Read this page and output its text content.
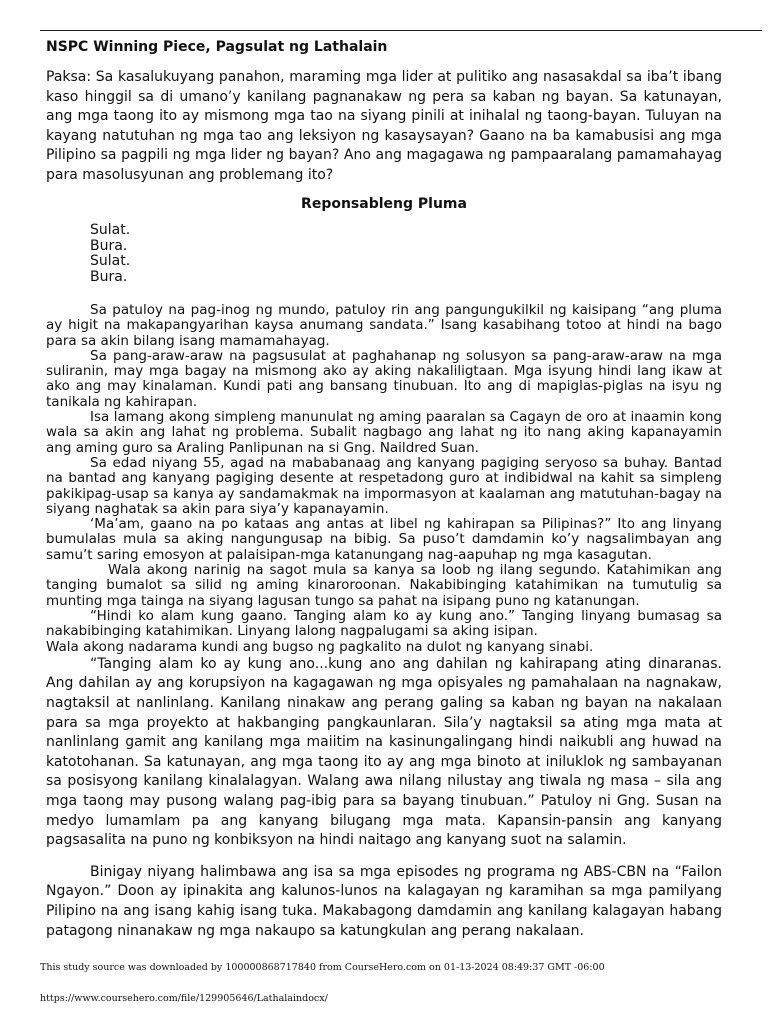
NSPC Winning Piece, Pagsulat ng Lathalain

Paksa: Sa kasalukuyang panahon, maraming mga lider at pulitiko ang nasasakdal sa iba’t ibang kaso hinggil sa di umano’y kanilang pagnanakaw ng pera sa kaban ng bayan. Sa katunayan, ang mga taong ito ay mismong mga tao na siyang pinili at inihalal ng taong-bayan. Tuluyan na kayang natutuhan ng mga tao ang leksiyon ng kasaysayan? Gaano na ba kamabusisi ang mga Pilipino sa pagpili ng mga lider ng bayan? Ano ang magagawa ng pampaaralang pamamahayag para masolusyunan ang problemang ito?

Reponsableng Pluma
Sulat.
Bura.
Sulat.
Bura.

Sa patuloy na pag-inog ng mundo, patuloy rin ang pangungukilkil ng kaisipang “ang pluma ay higit na makapangyarihan kaysa anumang sandata.” Isang kasabihang totoo at hindi na bago para sa akin bilang isang mamamahayag.

Sa pang-araw-araw na pagsusulat at paghahanap ng solusyon sa pang-araw-araw na mga suliranin, may mga bagay na mismong ako ay aking nakaliligtaan. Mga isyung hindi lang ikaw at ako ang may kinalaman. Kundi pati ang bansang tinubuan. Ito ang di mapiglas-piglas na isyu ng tanikala ng kahirapan.

Isa lamang akong simpleng manunulat ng aming paaralan sa Cagayn de oro at inaamin kong wala sa akin ang lahat ng problema. Subalit nagbago ang lahat ng ito nang aking kapanayamin ang aming guro sa Araling Panlipunan na si Gng. Naildred Suan.

Sa edad niyang 55, agad na mababanaag ang kanyang pagiging seryoso sa buhay. Bantad na bantad ang kanyang pagiging desente at respetadong guro at indibidwal na kahit sa simpleng pakikipag-usap sa kanya ay sandamakmak na impormasyon at kaalaman ang matutuhan-bagay na siyang naghatak sa akin para siya’y kapanayamin.

‘Ma’am, gaano na po kataas ang antas at libel ng kahirapan sa Pilipinas?” Ito ang linyang bumulalas mula sa aking nangungusap na bibig. Sa puso’t damdamin ko’y nagsalimbayan ang samu’t saring emosyon at palaisipan-mga katanungang nag-aapuhap ng mga kasagutan.

Wala akong narinig na sagot mula sa kanya sa loob ng ilang segundo. Katahimikan ang tanging bumalot sa silid ng aming kinaroroonan. Nakabibinging katahimikan na tumutulig sa munting mga tainga na siyang lagusan tungo sa pahat na isipang puno ng katanungan.

“Hindi ko alam kung gaano. Tanging alam ko ay kung ano.” Tanging linyang bumasag sa nakabibinging katahimikan. Linyang lalong nagpalugami sa aking isipan.

Wala akong nadarama kundi ang bugso ng pagkalito na dulot ng kanyang sinabi.

“Tanging alam ko ay kung ano...kung ano ang dahilan ng kahirapang ating dinaranas. Ang dahilan ay ang korupsiyon na kagagawan ng mga opisyales ng pamahalaan na nagnakaw, nagtaksil at nanlinlang. Kanilang ninakaw ang perang galing sa kaban ng bayan na nakalaan para sa mga proyekto at hakbanging pangkaunlaran. Sila’y nagtaksil sa ating mga mata at nanlinlang gamit ang kanilang mga maiitim na kasinungalingang hindi naikubli ang huwad na katotohanan. Sa katunayan, ang mga taong ito ay ang mga binoto at iniluklok ng sambayanan sa posisyong kanilang kinalalagyan. Walang awa nilang nilustay ang tiwala ng masa – sila ang mga taong may pusong walang pag-ibig para sa bayang tinubuan.” Patuloy ni Gng. Susan na medyo lumamlam pa ang kanyang bilugang mga mata. Kapansin-pansin ang kanyang pagsasalita na puno ng konbiksyon na hindi naitago ang kanyang suot na salamin.

Binigay niyang halimbawa ang isa sa mga episodes ng programa ng ABS-CBN na “Failon Ngayon.” Doon ay ipinakita ang kalunos-lunos na kalagayan ng karamihan sa mga pamilyang Pilipino na ang isang kahig isang tuka. Makabagong damdamin ang kanilang kalagayan habang patagong ninanakaw ng mga nakaupo sa katungkulan ang perang nakalaan.

This study source was downloaded by 100000868717840 from CourseHero.com on 01-13-2024 08:49:37 GMT -06:00
https://www.coursehero.com/file/129905646/Lathalaindocx/
